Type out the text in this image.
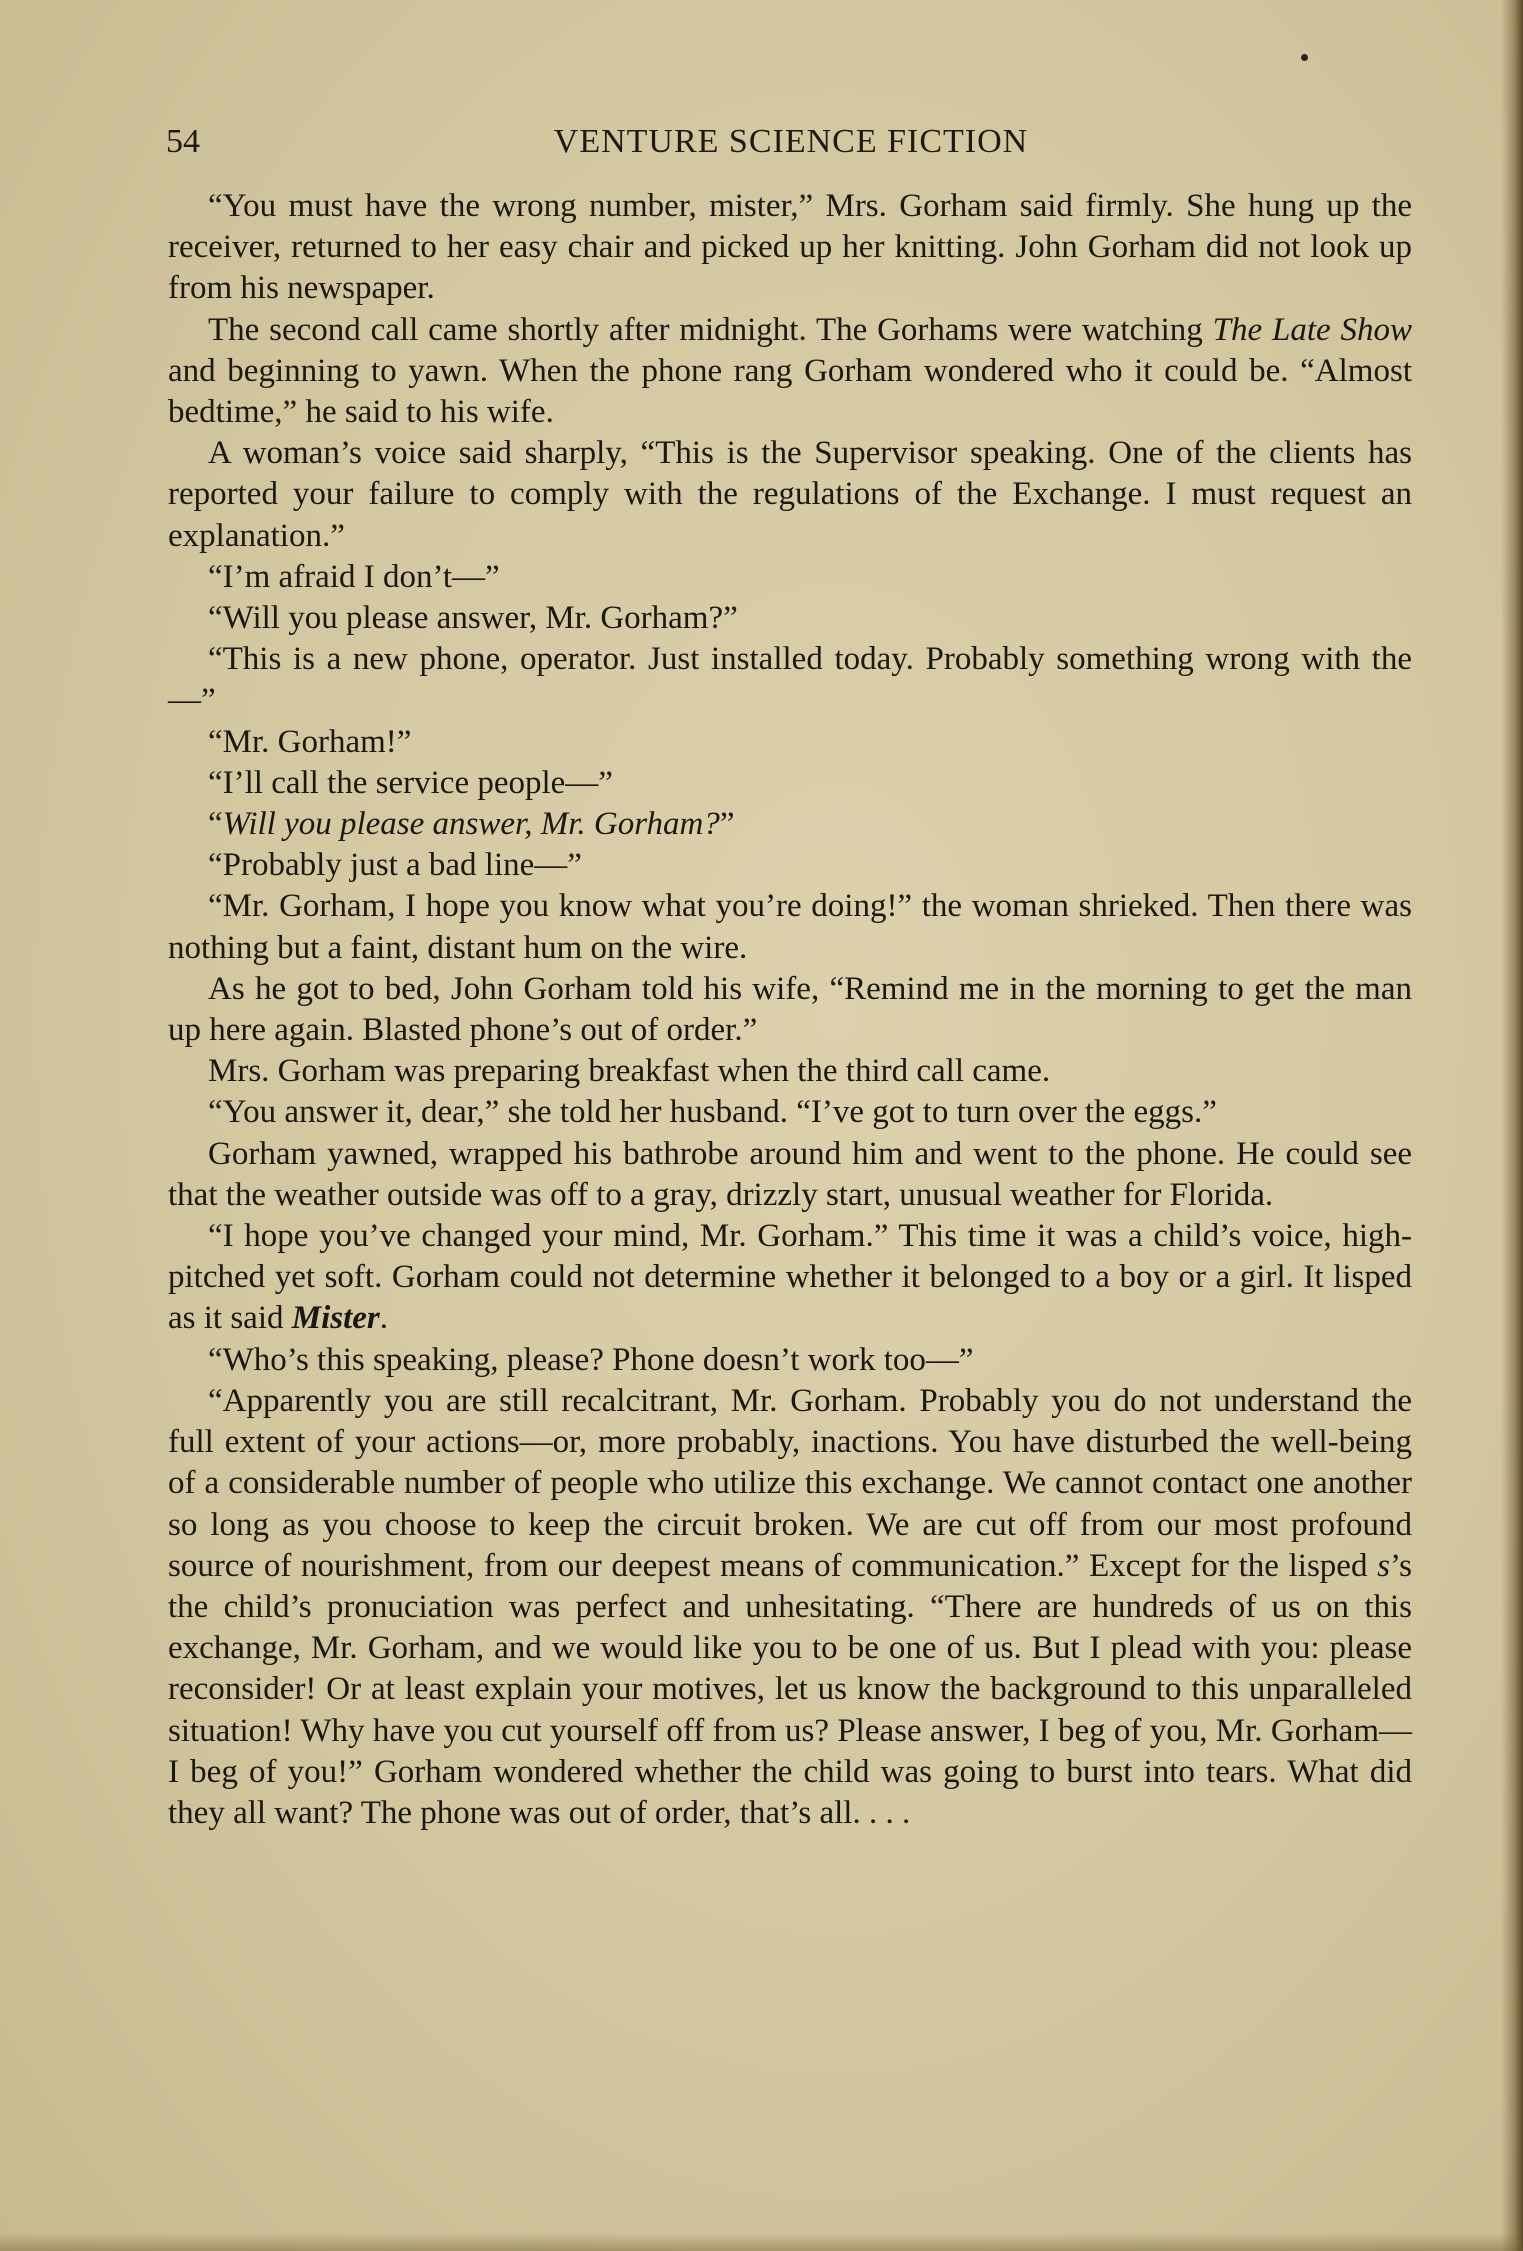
54	VENTURE SCIENCE FICTION

“You must have the wrong number, mister,” Mrs. Gorham said firmly. She hung up the receiver, returned to her easy chair and picked up her knitting. John Gorham did not look up from his newspaper.

The second call came shortly after midnight. The Gorhams were watching The Late Show and beginning to yawn. When the phone rang Gorham wondered who it could be. “Almost bedtime,” he said to his wife.

A woman’s voice said sharply, “This is the Supervisor speaking. One of the clients has reported your failure to comply with the regulations of the Exchange. I must request an explanation.”

“I’m afraid I don’t—”

“Will you please answer, Mr. Gorham?”

“This is a new phone, operator. Just installed today. Probably something wrong with the—”

“Mr. Gorham!”

“I’ll call the service people—”

“Will you please answer, Mr. Gorham?”

“Probably just a bad line—”

“Mr. Gorham, I hope you know what you’re doing!” the woman shrieked. Then there was nothing but a faint, distant hum on the wire.

As he got to bed, John Gorham told his wife, “Remind me in the morning to get the man up here again. Blasted phone’s out of order.”

Mrs. Gorham was preparing breakfast when the third call came.

“You answer it, dear,” she told her husband. “I’ve got to turn over the eggs.”

Gorham yawned, wrapped his bathrobe around him and went to the phone. He could see that the weather outside was off to a gray, drizzly start, unusual weather for Florida.

“I hope you’ve changed your mind, Mr. Gorham.” This time it was a child’s voice, high-pitched yet soft. Gorham could not determine whether it belonged to a boy or a girl. It lisped as it said Mister.

“Who’s this speaking, please? Phone doesn’t work too—”

“Apparently you are still recalcitrant, Mr. Gorham. Probably you do not understand the full extent of your actions—or, more probably, inactions. You have disturbed the well-being of a considerable number of people who utilize this exchange. We cannot contact one another so long as you choose to keep the circuit broken. We are cut off from our most profound source of nourishment, from our deepest means of communication.” Except for the lisped s’s the child’s pronuciation was perfect and unhesitating. “There are hundreds of us on this exchange, Mr. Gorham, and we would like you to be one of us. But I plead with you: please reconsider! Or at least explain your motives, let us know the background to this unparalleled situation! Why have you cut yourself off from us? Please answer, I beg of you, Mr. Gorham—I beg of you!” Gorham wondered whether the child was going to burst into tears. What did they all want? The phone was out of order, that’s all. . . .
